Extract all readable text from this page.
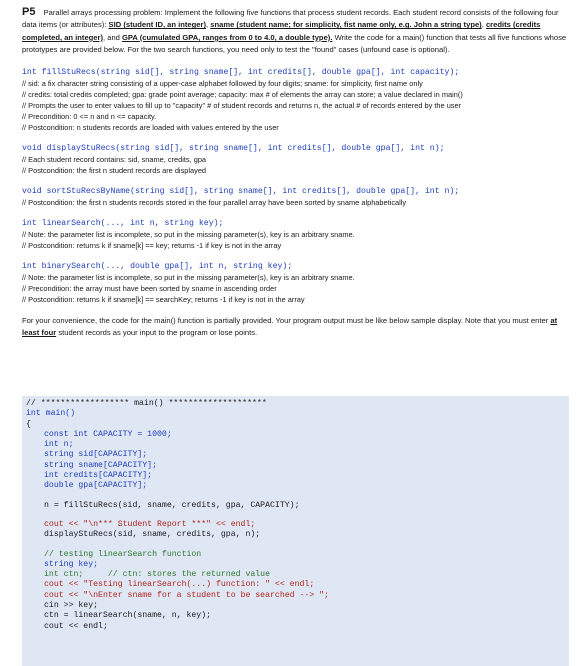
P5 Parallel arrays processing problem: Implement the following five functions that process student records. Each student record consists of the following four data items (or attributes): SID (student ID, an integer), sname (student name; for simplicity, fist name only, e.g. John a string type), credits (credits completed, an integer), and GPA (cumulated GPA, ranges from 0 to 4.0, a double type). Write the code for a main() function that tests all five functions whose prototypes are provided below. For the two search functions, you need only to test the "found" cases (unfound case is optional).
int fillStuRecs(string sid[], string sname[], int credits[], double gpa[], int capacity);
// sid: a fix character string consisting of a upper-case alphabet followed by four digits; sname: for simplicity, first name only
// credits: total credits completed; gpa: grade point average; capacity: max # of elements the array can store; a value declared in main()
// Prompts the user to enter values to fill up to "capacity" # of student records and returns n, the actual # of records entered by the user
// Precondition: 0 <= n and n <= capacity.
// Postcondition: n students records are loaded with values entered by the user
void displayStuRecs(string sid[], string sname[], int credits[], double gpa[], int n);
// Each student record contains: sid, sname, credits, gpa
// Postcondition: the first n student records are displayed
void sortStuRecsByName(string sid[], string sname[], int credits[], double gpa[], int n);
// Postcondition: the first n students records stored in the four parallel array have been sorted by sname alphabetically
int linearSearch(..., int n, string key);
// Note: the parameter list is incomplete, so put in the missing parameter(s), key is an arbitrary sname.
// Postcondition: returns k if sname[k] == key; returns -1 if key is not in the array
int binarySearch(..., double gpa[], int n, string key);
// Note: the parameter list is incomplete, so put in the missing parameter(s), key is an arbitrary sname.
// Precondition: the array must have been sorted by sname in ascending order
// Postcondition: returns k if sname[k] == searchKey; returns -1 if key is not in the array
For your convenience, the code for the main() function is partially provided. Your program output must be like below sample display. Note that you must enter at least four student records as your input to the program or lose points.
// ****************** main() ********************
int main()
{
const int CAPACITY = 1000;
int n;
string sid[CAPACITY];
string sname[CAPACITY];
int credits[CAPACITY];
double gpa[CAPACITY];
n = fillStuRecs(sid, sname, credits, gpa, CAPACITY);
cout << "\n*** Student Report ***" << endl;
displayStuRecs(sid, sname, credits, gpa, n);
// testing linearSearch function
string key;
int ctn;     // ctn: stores the returned value
cout << "Testing linearSearch(...) function: " << endl;
cout << "\nEnter sname for a student to be searched --> ";
cin >> key;
ctn = linearSearch(sname, n, key);
cout << endl;
